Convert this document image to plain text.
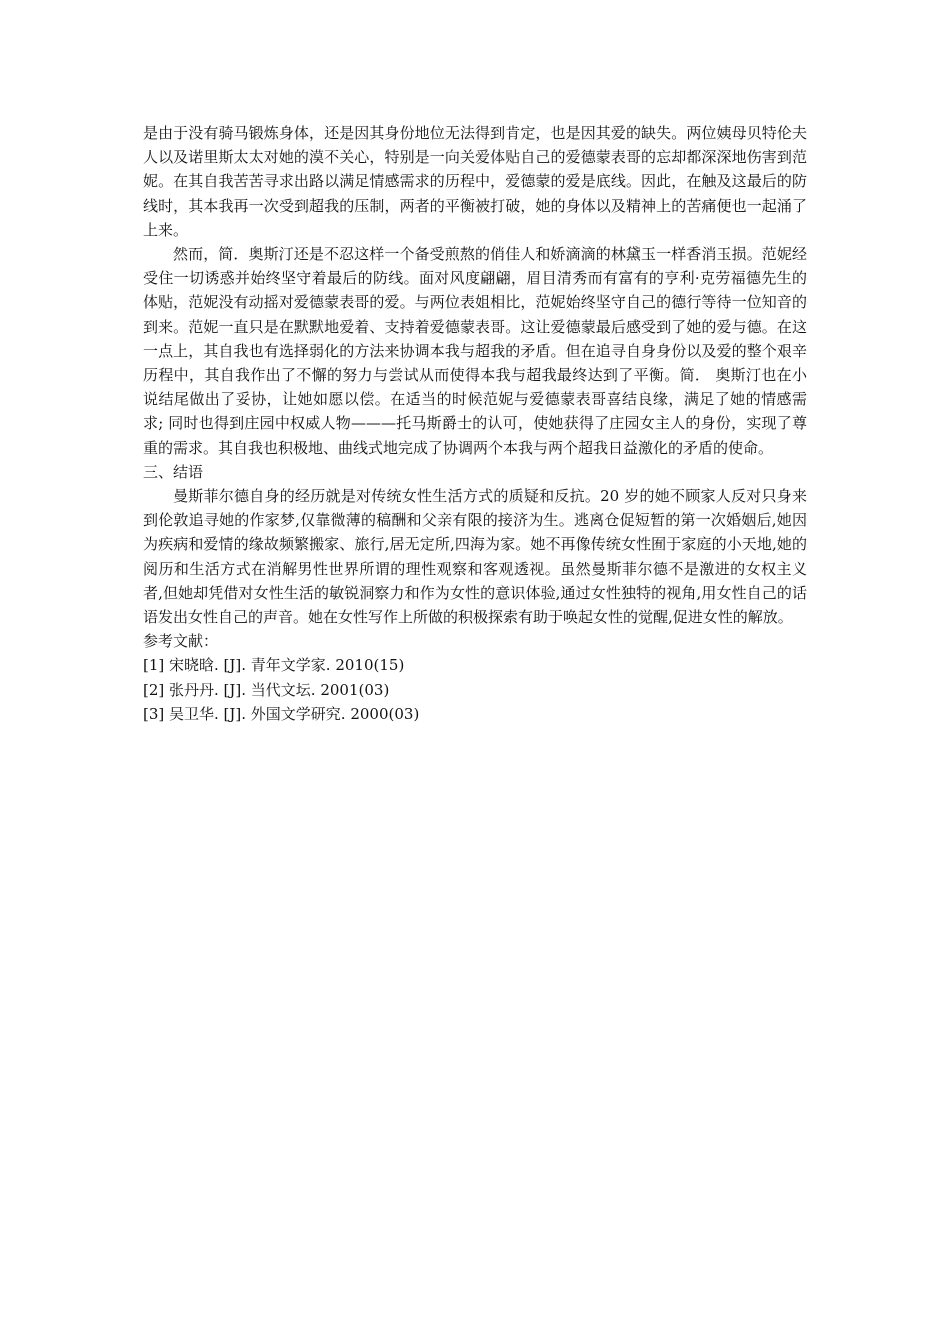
是由于没有骑马锻炼身体，还是因其身份地位无法得到肯定，也是因其爱的缺失。两位姨母贝特伦夫人以及诺里斯太太对她的漠不关心，特别是一向关爱体贴自己的爱德蒙表哥的忘却都深深地伤害到范妮。在其自我苦苦寻求出路以满足情感需求的历程中，爱德蒙的爱是底线。因此，在触及这最后的防线时，其本我再一次受到超我的压制，两者的平衡被打破，她的身体以及精神上的苦痛便也一起涌了上来。

然而，简．奥斯汀还是不忍这样一个备受煎熬的俏佳人和娇滴滴的林黛玉一样香消玉损。范妮经受住一切诱惑并始终坚守着最后的防线。面对风度翩翩，眉目清秀而有富有的亨利·克劳福德先生的体贴，范妮没有动摇对爱德蒙表哥的爱。与两位表姐相比，范妮始终坚守自己的德行等待一位知音的到来。范妮一直只是在默默地爱着、支持着爱德蒙表哥。这让爱德蒙最后感受到了她的爱与德。在这一点上，其自我也有选择弱化的方法来协调本我与超我的矛盾。但在追寻自身身份以及爱的整个艰辛历程中，其自我作出了不懈的努力与尝试从而使得本我与超我最终达到了平衡。简． 奥斯汀也在小说结尾做出了妥协，让她如愿以偿。在适当的时候范妮与爱德蒙表哥喜结良缘，满足了她的情感需求; 同时也得到庄园中权威人物———托马斯爵士的认可，使她获得了庄园女主人的身份，实现了尊重的需求。其自我也积极地、曲线式地完成了协调两个本我与两个超我日益激化的矛盾的使命。

三、结语

曼斯菲尔德自身的经历就是对传统女性生活方式的质疑和反抗。20 岁的她不顾家人反对只身来到伦敦追寻她的作家梦,仅靠微薄的稿酬和父亲有限的接济为生。逃离仓促短暂的第一次婚姻后,她因为疾病和爱情的缘故频繁搬家、旅行,居无定所,四海为家。她不再像传统女性囿于家庭的小天地,她的阅历和生活方式在消解男性世界所谓的理性观察和客观透视。虽然曼斯菲尔德不是激进的女权主义者,但她却凭借对女性生活的敏锐洞察力和作为女性的意识体验,通过女性独特的视角,用女性自己的话语发出女性自己的声音。她在女性写作上所做的积极探索有助于唤起女性的觉醒,促进女性的解放。

参考文献：

[1] 宋晓晗. [J]. 青年文学家. 2010(15)
[2] 张丹丹. [J]. 当代文坛. 2001(03)
[3] 吴卫华. [J]. 外国文学研究. 2000(03)
